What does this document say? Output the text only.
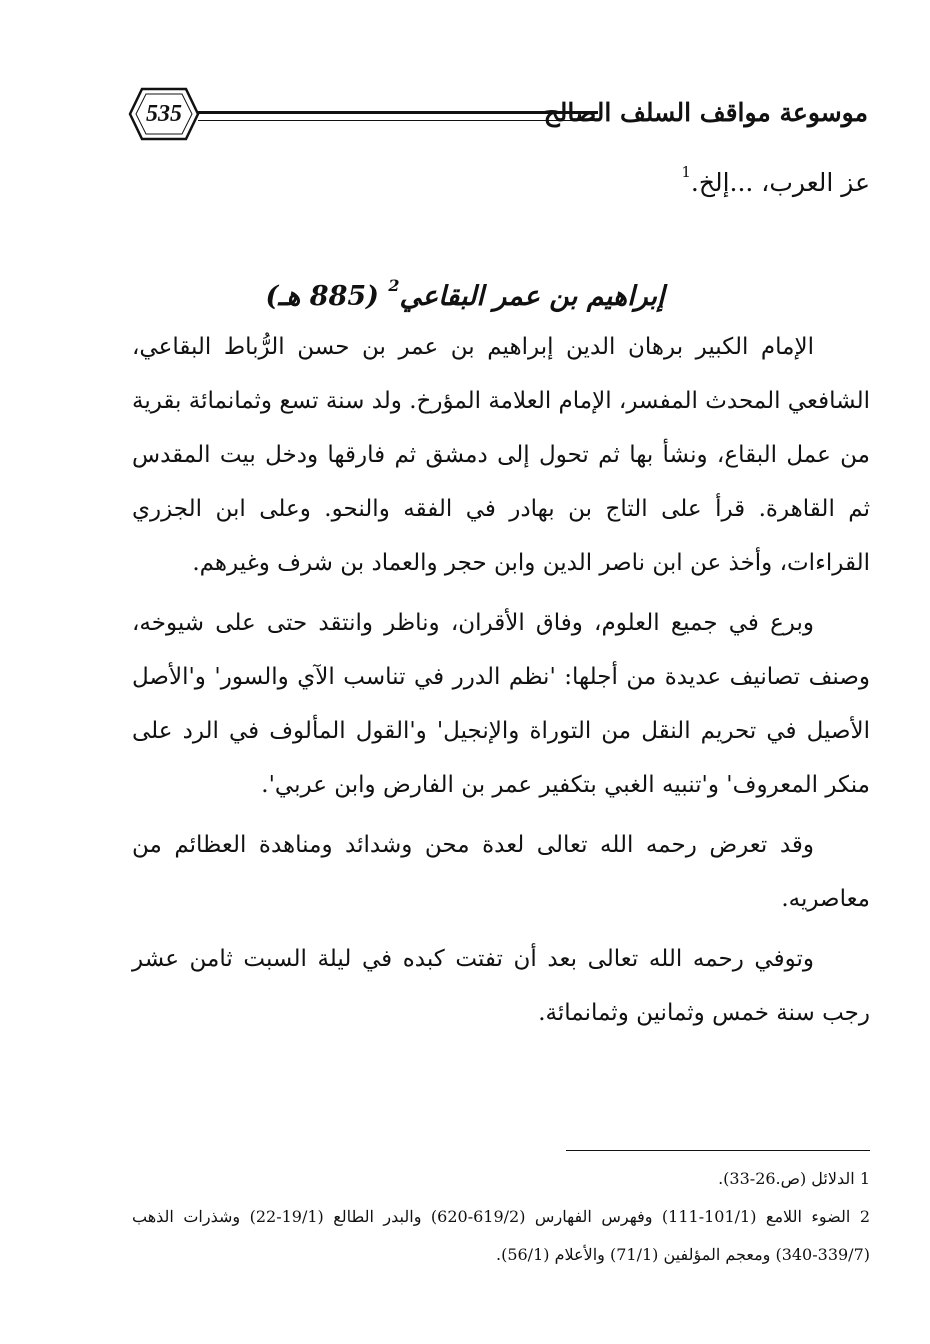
535	موسوعة مواقف السلف الصالح
عز العرب، ...إلخ.$^1$
إبراهيم بن عمر البقاعي$^2$ (885 هـ)

الإمام الكبير برهان الدين إبراهيم بن عمر بن حسن الرُّباط البقاعي، الشافعي المحدث المفسر، الإمام العلامة المؤرخ. ولد سنة تسع وثمانمائة بقرية من عمل البقاع، ونشأ بها ثم تحول إلى دمشق ثم فارقها ودخل بيت المقدس ثم القاهرة. قرأ على التاج بن بهادر في الفقه والنحو. وعلى ابن الجزري القراءات، وأخذ عن ابن ناصر الدين وابن حجر والعماد بن شرف وغيرهم.

وبرع في جميع العلوم، وفاق الأقران، وناظر وانتقد حتى على شيوخه، وصنف تصانيف عديدة من أجلها: 'نظم الدرر في تناسب الآي والسور' و'الأصل الأصيل في تحريم النقل من التوراة والإنجيل' و'القول المألوف في الرد على منكر المعروف' و'تنبيه الغبي بتكفير عمر بن الفارض وابن عربي'.

وقد تعرض رحمه الله تعالى لعدة محن وشدائد ومناهدة العظائم من معاصريه.

وتوفي رحمه الله تعالى بعد أن تفتت كبده في ليلة السبت ثامن عشر رجب سنة خمس وثمانين وثمانمائة.

1 الدلائل (ص.26-33).

2 الضوء اللامع (101/1-111) وفهرس الفهارس (619/2-620) والبدر الطالع (19/1-22) وشذرات الذهب (339/7-340) ومعجم المؤلفين (71/1) والأعلام (56/1).
